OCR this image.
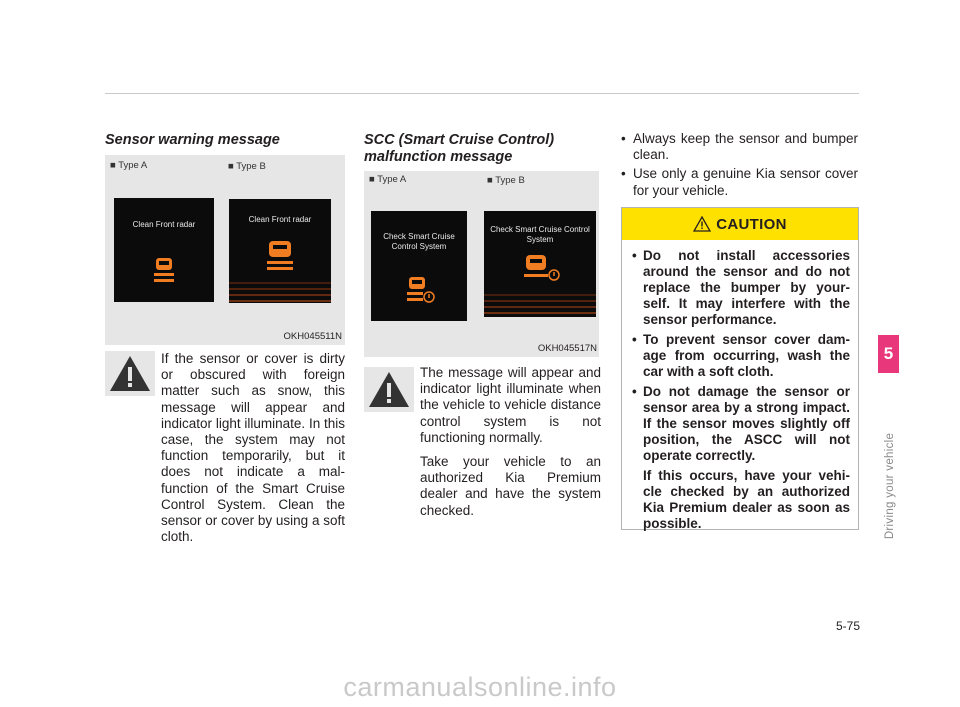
Sensor warning message
■ Type A	■ Type B
Clean Front radar
Clean Front radar
OKH045511N
If the sensor or cover is dirty or obscured with foreign matter such as snow, this message will appear and indicator light illuminate. In this case, the system may not function temporarily, but it does not indicate a mal-function of the Smart Cruise Control System. Clean the sensor or cover by using a soft cloth.
SCC (Smart Cruise Control)
malfunction message
■ Type A	■ Type B
Check Smart Cruise Control System
Check Smart Cruise Control System
OKH045517N

The message will appear and indicator light illuminate when the vehicle to vehicle distance control system is not functioning normally.

Take your vehicle to an authorized Kia Premium dealer and have the system checked.

• Always keep the sensor and bumper clean.
• Use only a genuine Kia sensor cover for your vehicle.
CAUTION
• Do not install accessories around the sensor and do not replace the bumper by your-self. It may interfere with the sensor performance.
• To prevent sensor cover dam-age from occurring, wash the car with a soft cloth.
• Do not damage the sensor or sensor area by a strong impact. If the sensor moves slightly off position, the ASCC will not operate correctly.
If this occurs, have your vehi-cle checked by an authorized Kia Premium dealer as soon as possible.
5
Driving your vehicle
5-75
carmanualsonline.info
